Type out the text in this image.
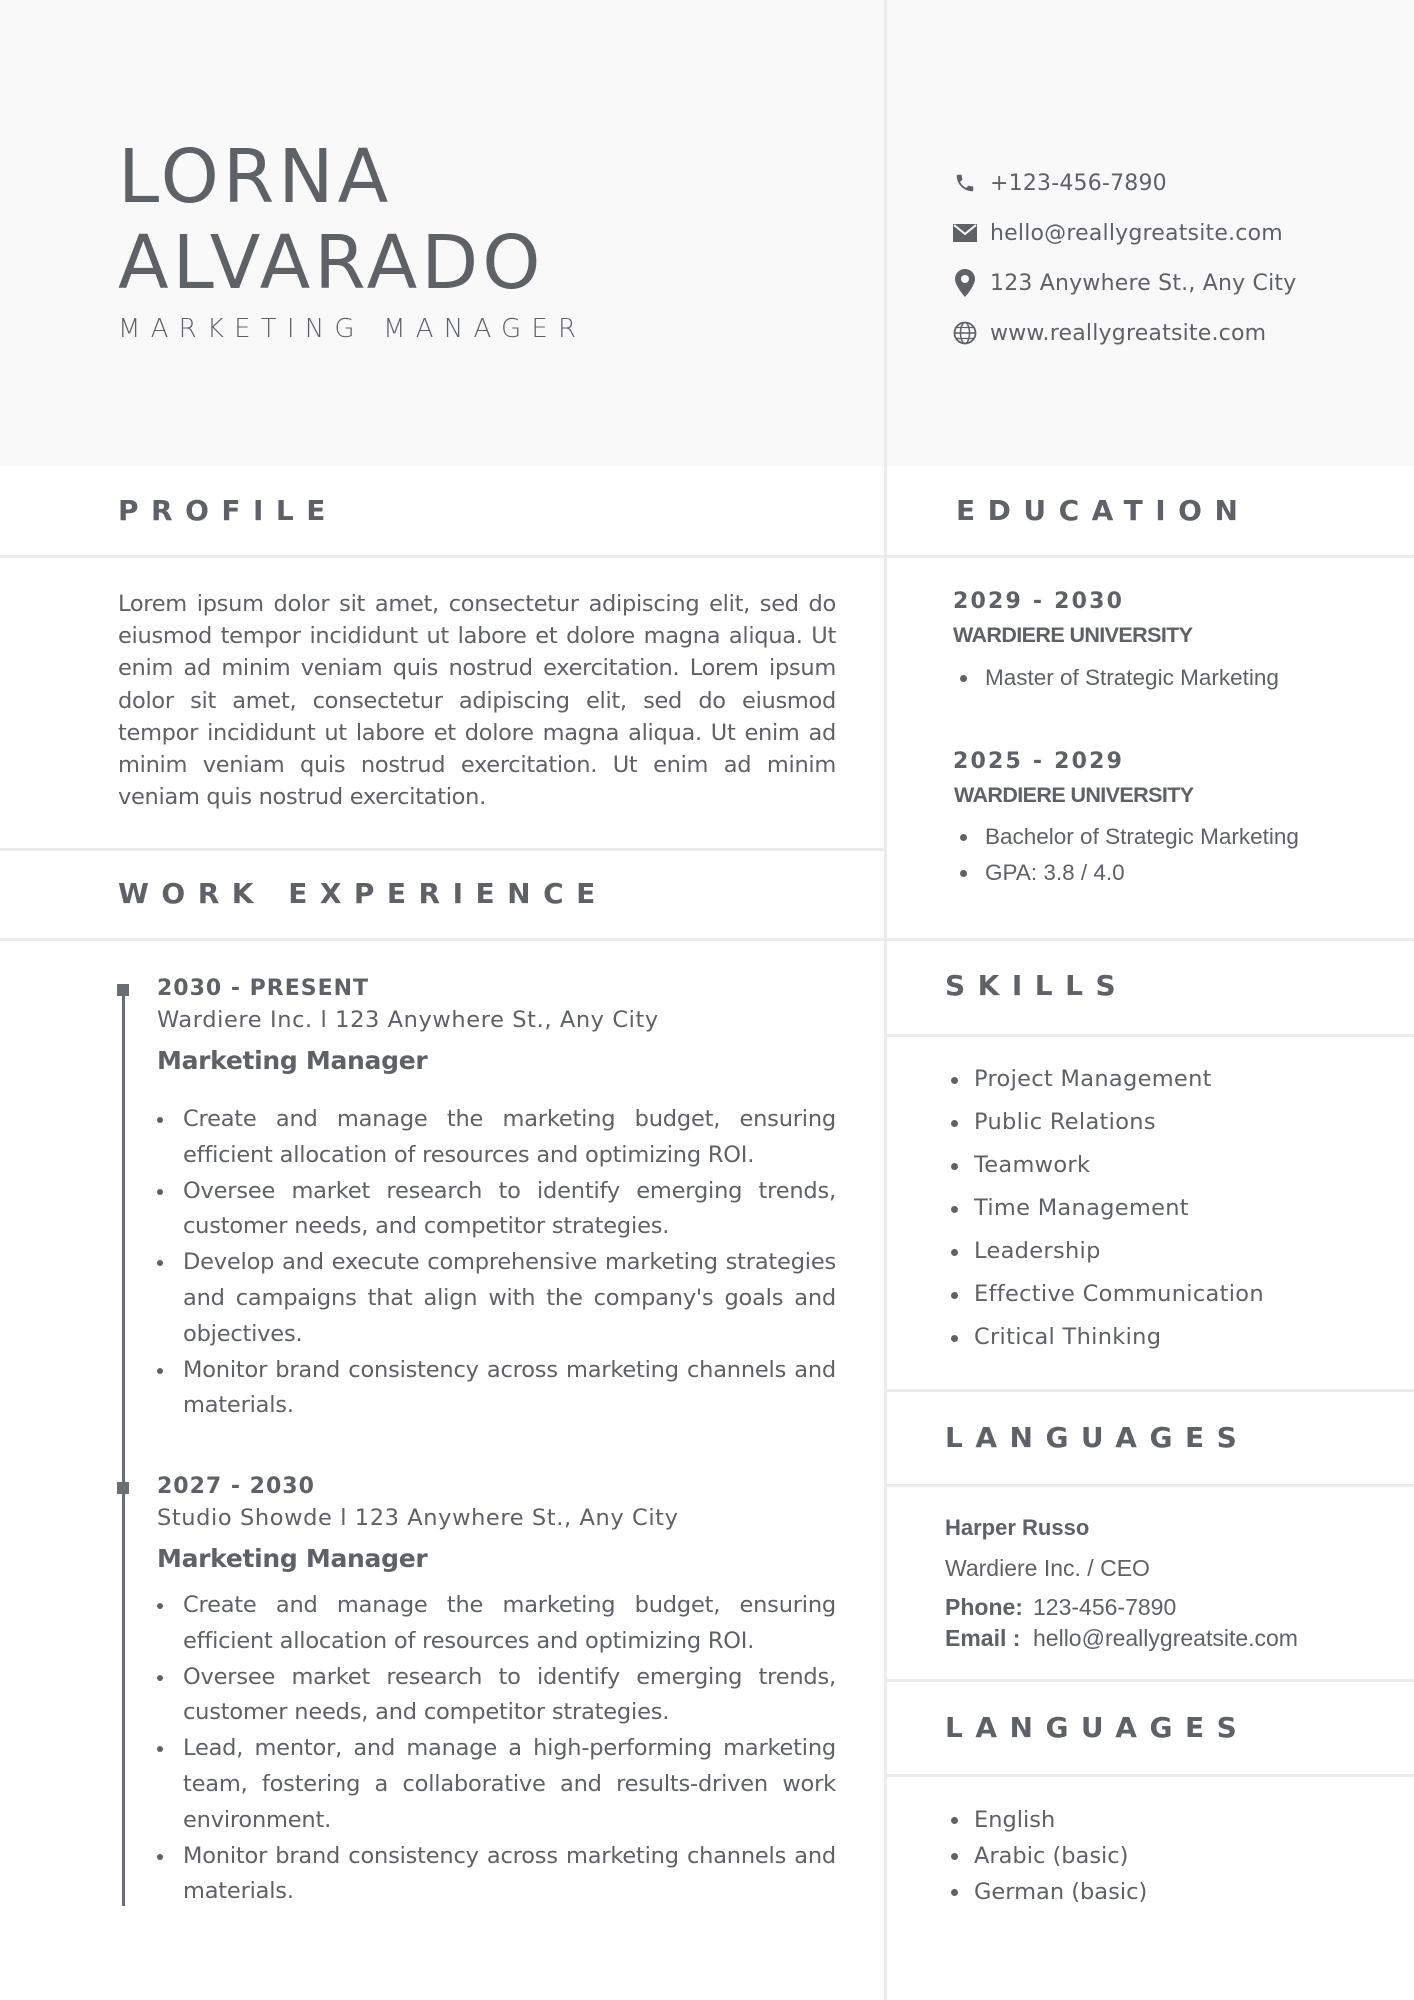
LORNA
ALVARADO
MARKETING MANAGER
+123-456-7890
hello@reallygreatsite.com
123 Anywhere St., Any City
www.reallygreatsite.com
PROFILE

Lorem ipsum dolor sit amet, consectetur adipiscing elit, sed do eiusmod tempor incididunt ut labore et dolore magna aliqua. Ut enim ad minim veniam quis nostrud exercitation. Lorem ipsum dolor sit amet, consectetur adipiscing elit, sed do eiusmod tempor incididunt ut labore et dolore magna aliqua. Ut enim ad minim veniam quis nostrud exercitation. Ut enim ad minim veniam quis nostrud exercitation.

WORK EXPERIENCE
2030 - PRESENT
Wardiere Inc. l 123 Anywhere St., Any City
Marketing Manager
Create and manage the marketing budget, ensuring efficient allocation of resources and optimizing ROI.
Oversee market research to identify emerging trends, customer needs, and competitor strategies.
Develop and execute comprehensive marketing strategies and campaigns that align with the company's goals and objectives.
Monitor brand consistency across marketing channels and materials.
2027 - 2030
Studio Showde l 123 Anywhere St., Any City
Marketing Manager
Create and manage the marketing budget, ensuring efficient allocation of resources and optimizing ROI.
Oversee market research to identify emerging trends, customer needs, and competitor strategies.
Lead, mentor, and manage a high-performing marketing team, fostering a collaborative and results-driven work environment.
Monitor brand consistency across marketing channels and materials.
EDUCATION
2029 - 2030
WARDIERE UNIVERSITY
Master of Strategic Marketing
2025 - 2029
WARDIERE UNIVERSITY
Bachelor of Strategic Marketing
GPA: 3.8 / 4.0
SKILLS
Project Management
Public Relations
Teamwork
Time Management
Leadership
Effective Communication
Critical Thinking
LANGUAGES
Harper Russo
Wardiere Inc. / CEO
Phone: 123-456-7890
Email : hello@reallygreatsite.com
LANGUAGES
English
Arabic (basic)
German (basic)
